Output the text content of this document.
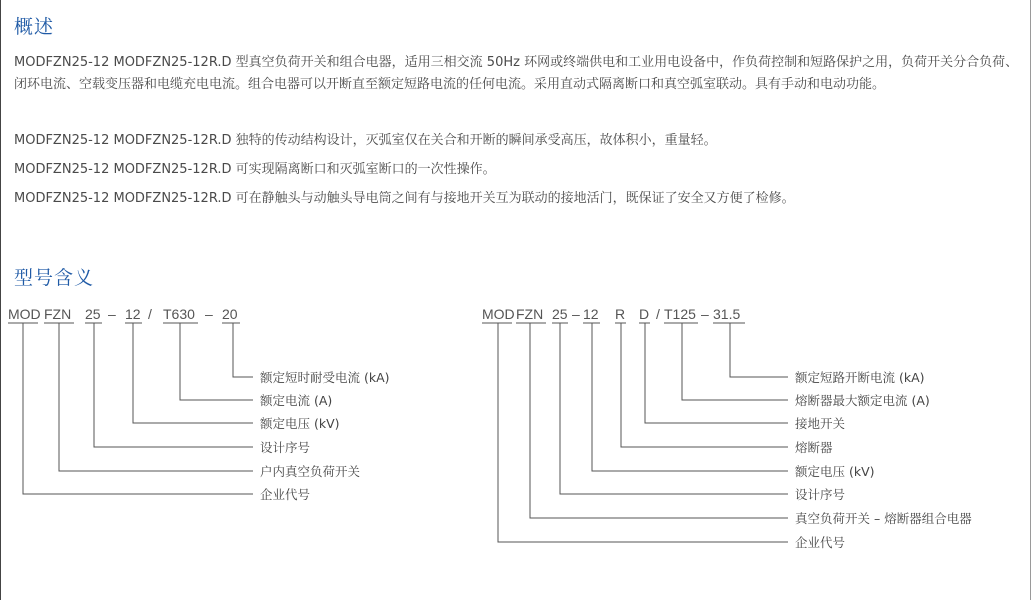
概述

MODFZN25-12 MODFZN25-12R.D 型真空负荷开关和组合电器，适用三相交流 50Hz 环网或终端供电和工业用电设备中，作负荷控制和短路保护之用，负荷开关分合负荷、闭环电流、空载变压器和电缆充电电流。组合电器可以开断直至额定短路电流的任何电流。采用直动式隔离断口和真空弧室联动。具有手动和电动功能。

MODFZN25-12 MODFZN25-12R.D 独特的传动结构设计，灭弧室仅在关合和开断的瞬间承受高压，故体积小，重量轻。

MODFZN25-12 MODFZN25-12R.D 可实现隔离断口和灭弧室断口的一次性操作。

MODFZN25-12 MODFZN25-12R.D 可在静触头与动触头导电筒之间有与接地开关互为联动的接地活门，既保证了安全又方便了检修。

型号含义
MOD FZN 25 – 12 / T630 – 20
额定短时耐受电流 (kA)
额定电流 (A)
额定电压 (kV)
设计序号
户内真空负荷开关
企业代号
MOD FZN 25 – 12 R D / T125 – 31.5
额定短路开断电流 (kA)
熔断器最大额定电流 (A)
接地开关
熔断器
额定电压 (kV)
设计序号
真空负荷开关 – 熔断器组合电器
企业代号
